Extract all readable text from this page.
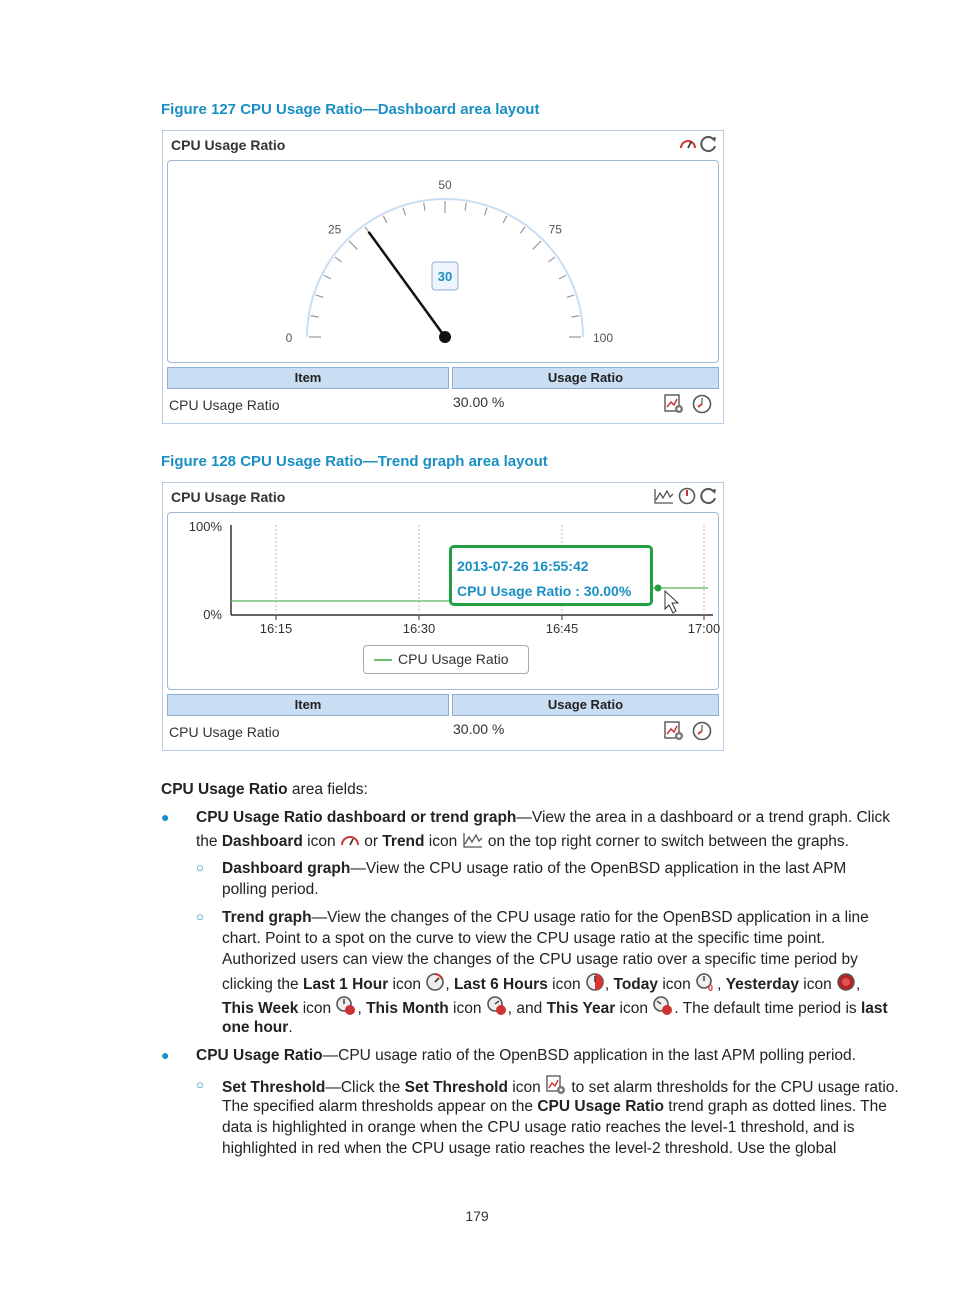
Figure 127 CPU Usage Ratio—Dashboard area layout
CPU Usage Ratio
0
25
50
75
100
30
Item	Usage Ratio
CPU Usage Ratio	30.00 %
Figure 128 CPU Usage Ratio—Trend graph area layout
CPU Usage Ratio
100%
0%
16:15	16:30	16:45	17:00
2013-07-26 16:55:42
CPU Usage Ratio : 30.00%
CPU Usage Ratio
Item	Usage Ratio
CPU Usage Ratio	30.00 %
CPU Usage Ratio area fields:
● CPU Usage Ratio dashboard or trend graph—View the area in a dashboard or a trend graph. Click
the Dashboard icon  or Trend icon  on the top right corner to switch between the graphs.
○ Dashboard graph—View the CPU usage ratio of the OpenBSD application in the last APM
polling period.
○ Trend graph—View the changes of the CPU usage ratio for the OpenBSD application in a line
chart. Point to a spot on the curve to view the CPU usage ratio at the specific time point.
Authorized users can view the changes of the CPU usage ratio over a specific time period by
clicking the Last 1 Hour icon , Last 6 Hours icon , Today icon 0 , Yesterday icon ,
This Week icon , This Month icon , and This Year icon . The default time period is last
one hour.
● CPU Usage Ratio—CPU usage ratio of the OpenBSD application in the last APM polling period.
○ Set Threshold—Click the Set Threshold icon  to set alarm thresholds for the CPU usage ratio.
The specified alarm thresholds appear on the CPU Usage Ratio trend graph as dotted lines. The
data is highlighted in orange when the CPU usage ratio reaches the level-1 threshold, and is
highlighted in red when the CPU usage ratio reaches the level-2 threshold. Use the global
179
